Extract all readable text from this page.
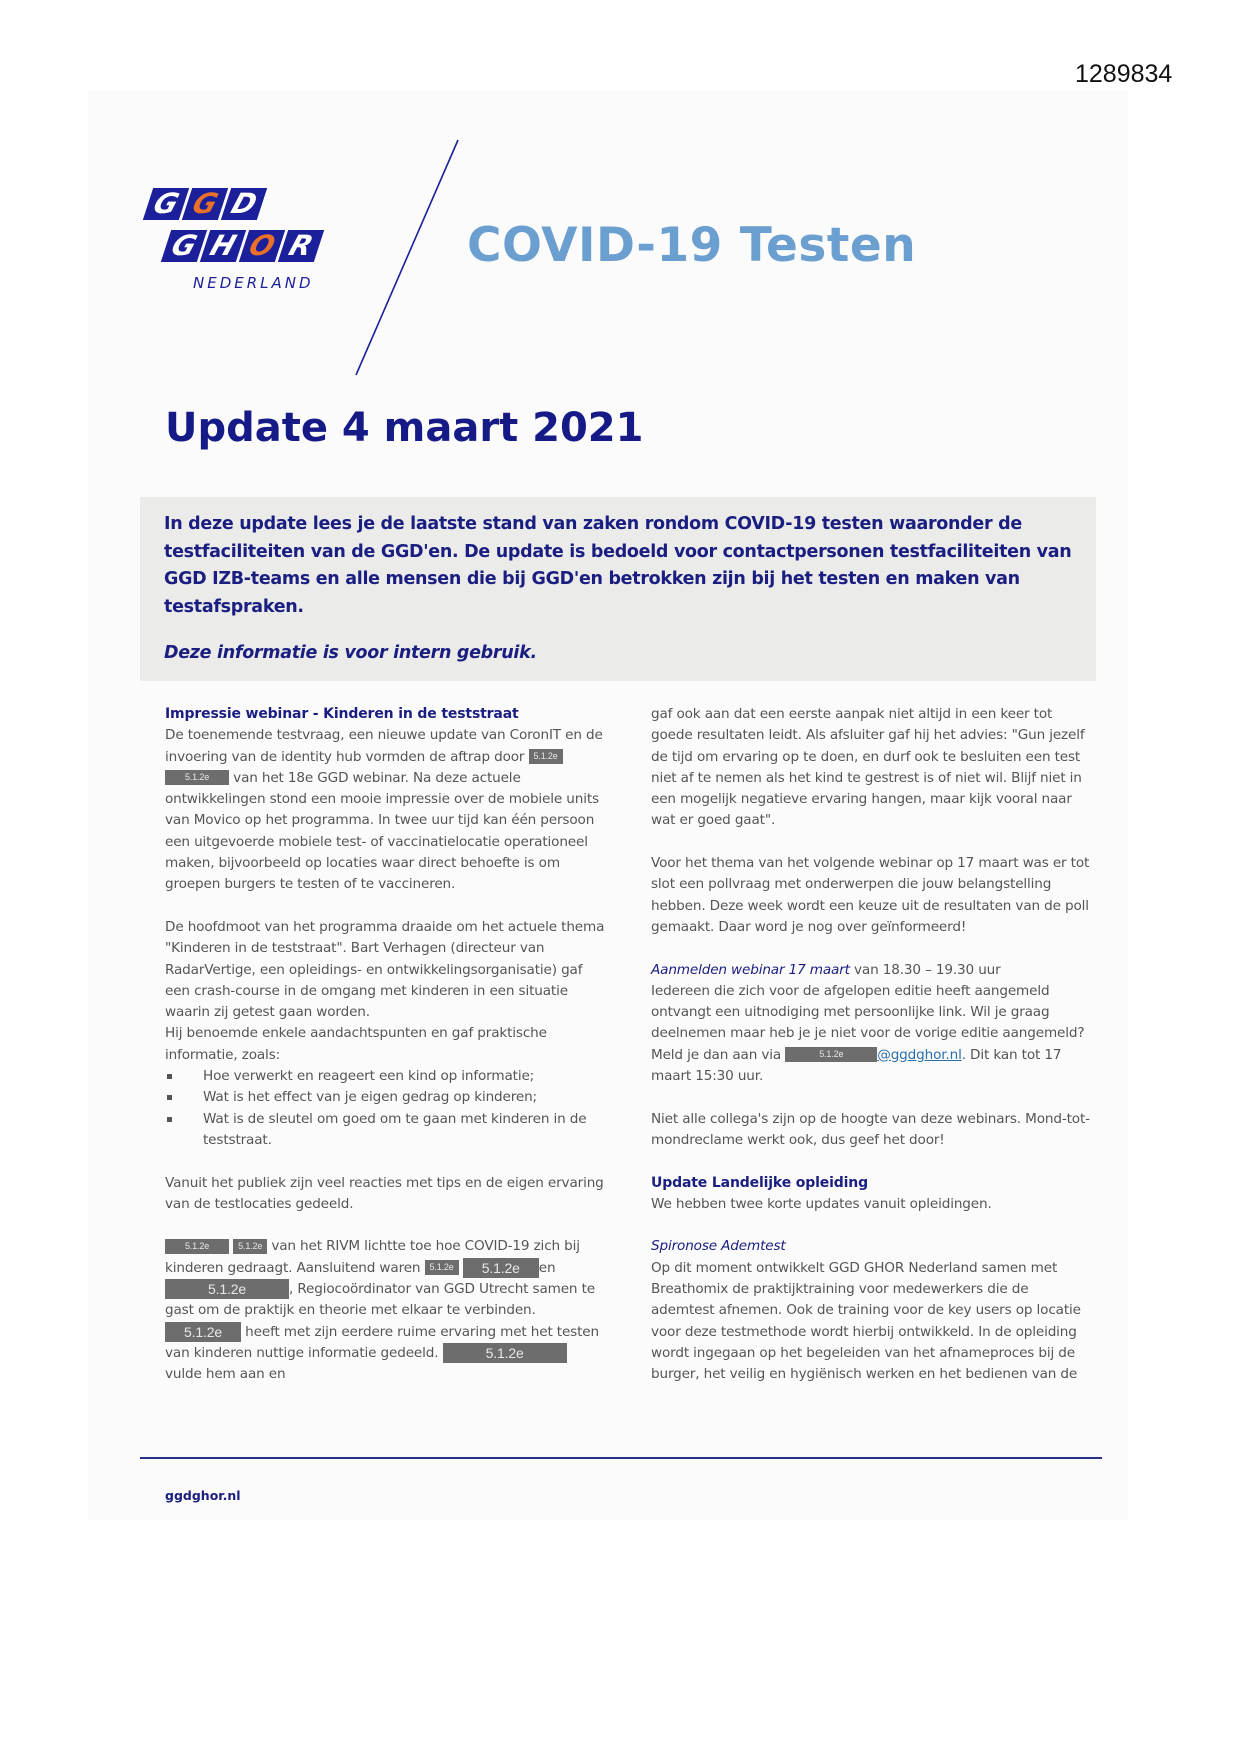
1289834
G G D
G H O R
NEDERLAND
COVID-19 Testen
Update 4 maart 2021
In deze update lees je de laatste stand van zaken rondom COVID-19 testen waaronder de testfaciliteiten van de GGD'en. De update is bedoeld voor contactpersonen testfaciliteiten van GGD IZB-teams en alle mensen die bij GGD'en betrokken zijn bij het testen en maken van testafspraken.
Deze informatie is voor intern gebruik.

Impressie webinar - Kinderen in de teststraat

De toenemende testvraag, een nieuwe update van CoronIT en de invoering van de identity hub vormden de aftrap door 5.1.2e 5.1.2e van het 18e GGD webinar. Na deze actuele ontwikkelingen stond een mooie impressie over de mobiele units van Movico op het programma. In twee uur tijd kan één persoon een uitgevoerde mobiele test- of vaccinatielocatie operationeel maken, bijvoorbeeld op locaties waar direct behoefte is om groepen burgers te testen of te vaccineren.

De hoofdmoot van het programma draaide om het actuele thema "Kinderen in de teststraat". Bart Verhagen (directeur van RadarVertige, een opleidings- en ontwikkelingsorganisatie) gaf een crash-course in de omgang met kinderen in een situatie waarin zij getest gaan worden.

Hij benoemde enkele aandachtspunten en gaf praktische informatie, zoals:

Hoe verwerkt en reageert een kind op informatie;
Wat is het effect van je eigen gedrag op kinderen;
Wat is de sleutel om goed om te gaan met kinderen in de teststraat.

Vanuit het publiek zijn veel reacties met tips en de eigen ervaring van de testlocaties gedeeld.

5.1.2e	5.1.2e van het RIVM lichtte toe hoe COVID-19 zich bij kinderen gedraagt. Aansluitend waren 5.1.2e 5.1.2e en5.1.2e	, Regiocoördinator van GGD Utrecht samen te gast om de praktijk en theorie met elkaar te verbinden. 5.1.2e heeft met zijn eerdere ruime ervaring met het testen van kinderen nuttige informatie gedeeld.	5.1.2e vulde hem aan en

gaf ook aan dat een eerste aanpak niet altijd in een keer tot goede resultaten leidt. Als afsluiter gaf hij het advies: "Gun jezelf de tijd om ervaring op te doen, en durf ook te besluiten een test niet af te nemen als het kind te gestrest is of niet wil. Blijf niet in een mogelijk negatieve ervaring hangen, maar kijk vooral naar wat er goed gaat".

Voor het thema van het volgende webinar op 17 maart was er tot slot een pollvraag met onderwerpen die jouw belangstelling hebben. Deze week wordt een keuze uit de resultaten van de poll gemaakt. Daar word je nog over geïnformeerd!

Aanmelden webinar 17 maart van 18.30 – 19.30 uur

Iedereen die zich voor de afgelopen editie heeft aangemeld ontvangt een uitnodiging met persoonlijke link. Wil je graag deelnemen maar heb je je niet voor de vorige editie aangemeld? Meld je dan aan via	5.1.2e @ggdghor.nl. Dit kan tot 17 maart 15:30 uur.

Niet alle collega's zijn op de hoogte van deze webinars. Mond-tot-mondreclame werkt ook, dus geef het door!

Update Landelijke opleiding

We hebben twee korte updates vanuit opleidingen.

Spironose Ademtest

Op dit moment ontwikkelt GGD GHOR Nederland samen met Breathomix de praktijktraining voor medewerkers die de ademtest afnemen. Ook de training voor de key users op locatie voor deze testmethode wordt hierbij ontwikkeld. In de opleiding wordt ingegaan op het begeleiden van het afnameproces bij de burger, het veilig en hygiënisch werken en het bedienen van de

ggdghor.nl
